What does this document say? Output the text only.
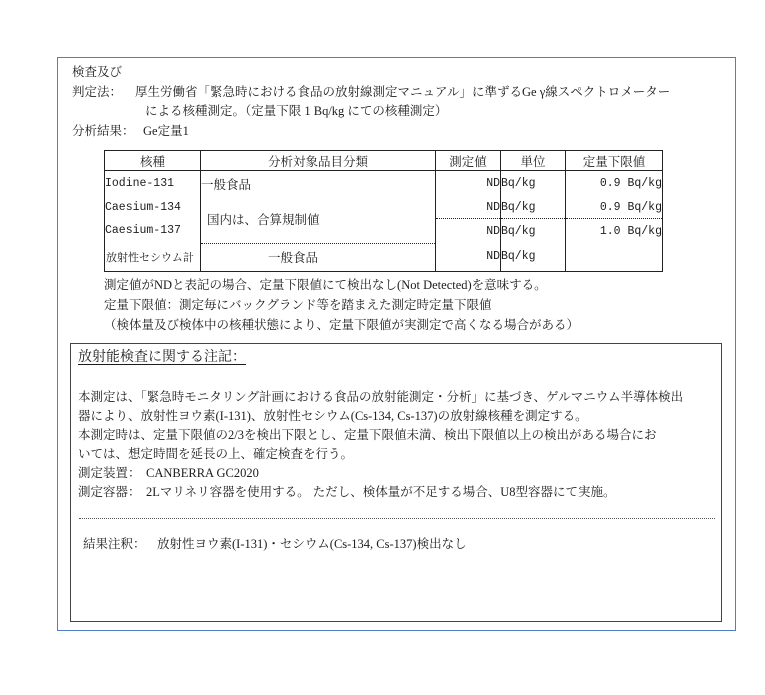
検査及び
判定法： 厚生労働省「緊急時における食品の放射線測定マニュアル」に準ずるGe γ線スペクトロメーター
による核種測定。（定量下限 1 Bq/kg にての核種測定）
分析結果： Ge定量1
核種	分析対象品目分類	測定値	単位	定量下限値
Iodine-131	一般食品	ND	Bq/kg	0.9 Bq/kg
Caesium-134	国内は、合算規制値	ND	Bq/kg	0.9 Bq/kg
Caesium-137		ND	Bq/kg	1.0 Bq/kg
放射性セシウム計	一般食品	ND	Bq/kg	
測定値がNDと表記の場合、定量下限値にて検出なし(Not Detected)を意味する。
定量下限値：測定毎にバックグランド等を踏まえた測定時定量下限値
（検体量及び検体中の核種状態により、定量下限値が実測定で高くなる場合がある）
放射能検査に関する注記：
本測定は、「緊急時モニタリング計画における食品の放射能測定・分析」に基づき、ゲルマニウム半導体検出
器により、放射性ヨウ素(I-131)、放射性セシウム(Cs-134, Cs-137)の放射線核種を測定する。
本測定時は、定量下限値の2/3を検出下限とし、定量下限値未満、検出下限値以上の検出がある場合にお
いては、想定時間を延長の上、確定検査を行う。
測定装置： CANBERRA GC2020
測定容器： 2Lマリネリ容器を使用する。 ただし、検体量が不足する場合、U8型容器にて実施。
結果注釈： 放射性ヨウ素(I-131)・セシウム(Cs-134, Cs-137)検出なし
